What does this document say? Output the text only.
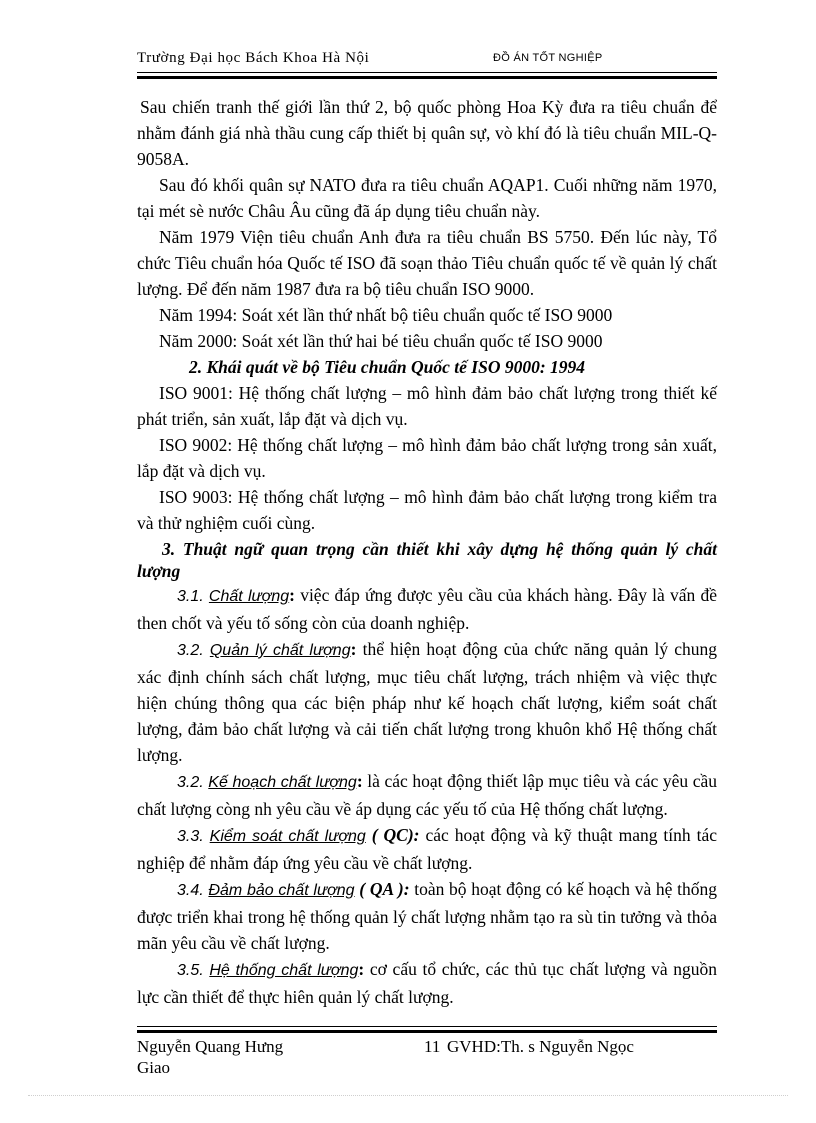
Trường Đại học Bách Khoa Hà Nội	ĐỒ ÁN TỐT NGHIỆP

Sau chiến tranh thế giới lần thứ 2, bộ quốc phòng Hoa Kỳ đưa ra tiêu chuẩn để nhằm đánh giá nhà thầu cung cấp thiết bị quân sự, vò khí đó là tiêu chuẩn MIL-Q-9058A.

Sau đó khối quân sự NATO đưa ra tiêu chuẩn AQAP1. Cuối những năm 1970, tại mét sè nước Châu Âu cũng đã áp dụng tiêu chuẩn này.

Năm 1979 Viện tiêu chuẩn Anh đưa ra tiêu chuẩn BS 5750. Đến lúc này, Tổ chức Tiêu chuẩn hóa Quốc tế ISO đã soạn thảo Tiêu chuẩn quốc tế về quản lý chất lượng. Để đến năm 1987 đưa ra bộ tiêu chuẩn ISO 9000.

Năm 1994: Soát xét lần thứ nhất bộ tiêu chuẩn quốc tế ISO 9000

Năm 2000: Soát xét lần thứ hai bé tiêu chuẩn quốc tế ISO 9000

2. Khái quát về bộ Tiêu chuẩn Quốc tế ISO 9000: 1994

ISO 9001: Hệ thống chất lượng – mô hình đảm bảo chất lượng trong thiết kế phát triển, sản xuất, lắp đặt và dịch vụ.

ISO 9002: Hệ thống chất lượng – mô hình đảm bảo chất lượng trong sản xuất, lắp đặt và dịch vụ.

ISO 9003: Hệ thống chất lượng – mô hình đảm bảo chất lượng trong kiểm tra và thử nghiệm cuối cùng.

3. Thuật ngữ quan trọng cần thiết khi xây dựng hệ thống quản lý chất lượng

3.1. Chất lượng: việc đáp ứng được yêu cầu của khách hàng. Đây là vấn đề then chốt và yếu tố sống còn của doanh nghiệp.

3.2. Quản lý chất lượng: thể hiện hoạt động của chức năng quản lý chung xác định chính sách chất lượng, mục tiêu chất lượng, trách nhiệm và việc thực hiện chúng thông qua các biện pháp như kế hoạch chất lượng, kiểm soát chất lượng, đảm bảo chất lượng và cải tiến chất lượng trong khuôn khổ Hệ thống chất lượng.

3.2. Kế hoạch chất lượng: là các hoạt động thiết lập mục tiêu và các yêu cầu chất lượng còng nh yêu cầu về áp dụng các yếu tố của Hệ thống chất lượng.

3.3. Kiểm soát chất lượng ( QC): các hoạt động và kỹ thuật mang tính tác nghiệp để nhằm đáp ứng yêu cầu về chất lượng.

3.4. Đảm bảo chất lượng ( QA ): toàn bộ hoạt động có kế hoạch và hệ thống được triển khai trong hệ thống quản lý chất lượng nhằm tạo ra sù tin tưởng và thỏa mãn yêu cầu về chất lượng.

3.5. Hệ thống chất lượng: cơ cấu tổ chức, các thủ tục chất lượng và nguồn lực cần thiết để thực hiên quản lý chất lượng.

Nguyễn Quang Hưng	11 GVHD:Th. s Nguyễn Ngọc
Giao
